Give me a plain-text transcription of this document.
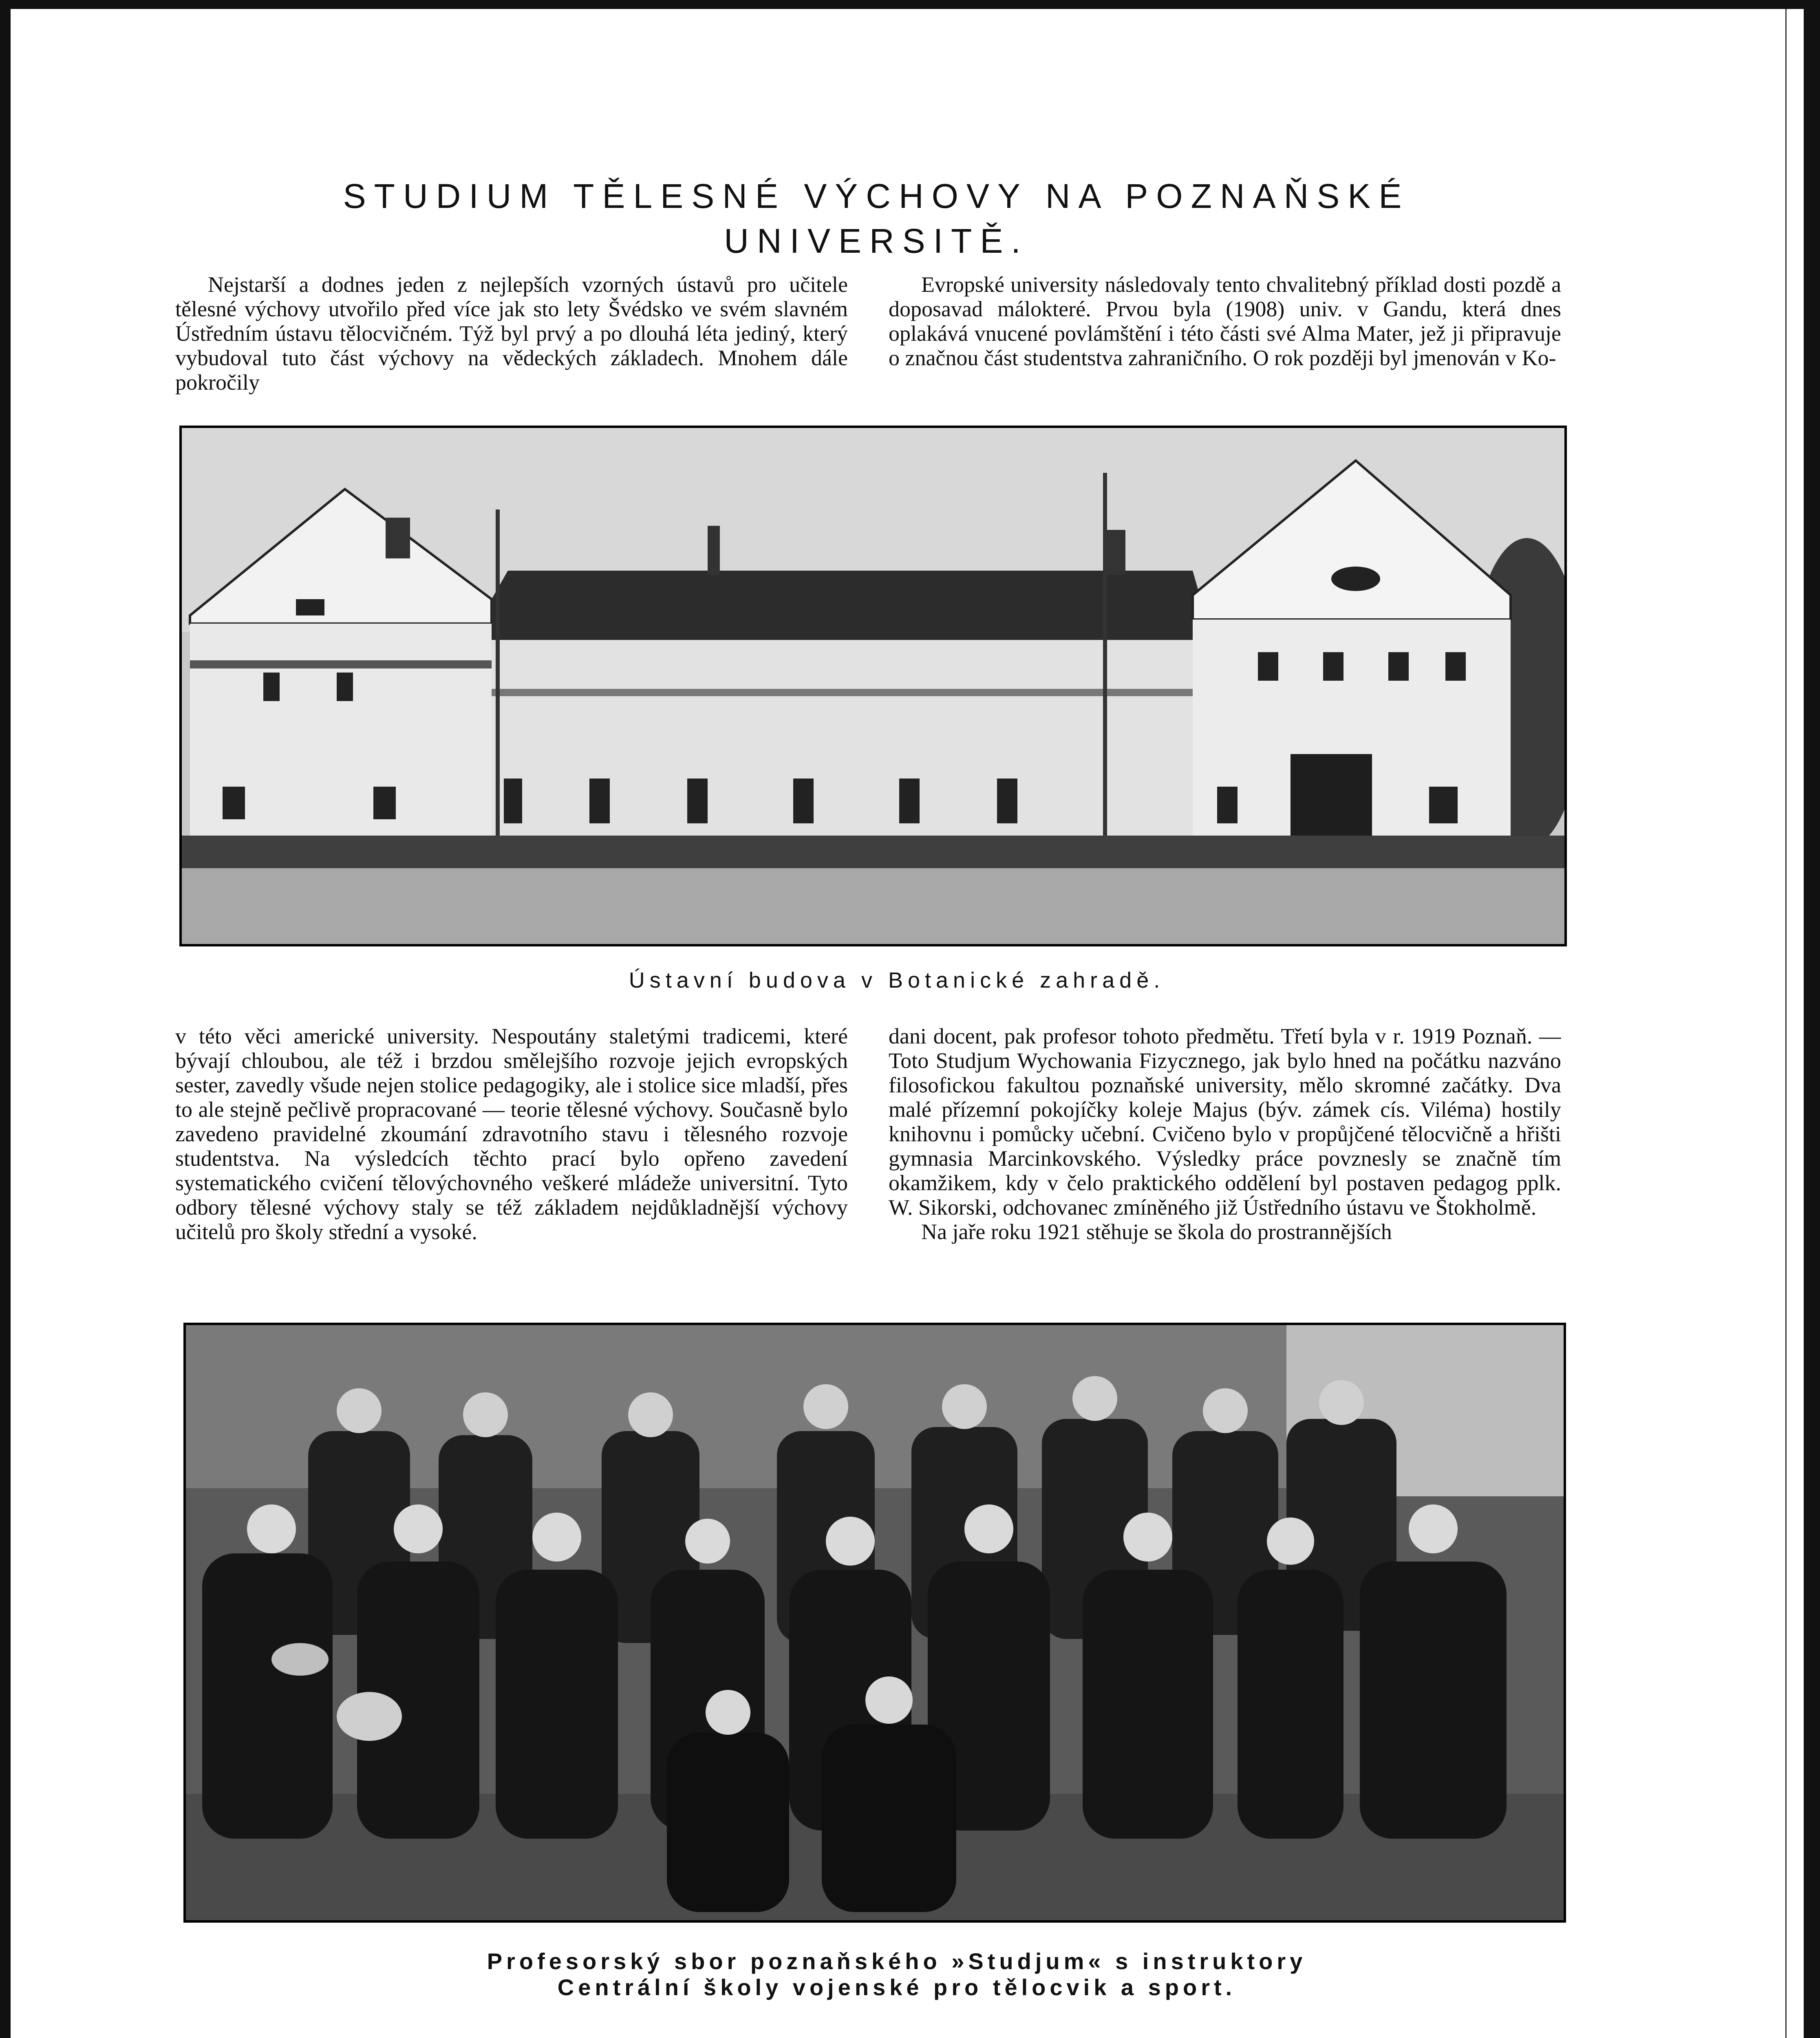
STUDIUM TĚLESNÉ VÝCHOVY NA POZNAŇSKÉ
UNIVERSITĚ.

Nejstarší a dodnes jeden z nejlepších vzorných ústavů pro učitele tělesné výchovy utvořilo před více jak sto lety Švédsko ve svém slavném Ústředním ústavu tělocvičném. Týž byl prvý a po dlouhá léta jediný, který vybudoval tuto část výchovy na vědeckých základech. Mnohem dále pokročily

Evropské university následovaly tento chvalitebný příklad dosti pozdě a doposavad málokteré. Prvou byla (1908) univ. v Gandu, která dnes oplakává vnucené povlámštění i této části své Alma Mater, jež ji připravuje o značnou část studentstva zahraničního. O rok později byl jmenován v Ko-

Ústavní budova v Botanické zahradě.

v této věci americké university. Nespoutány staletými tradicemi, které bývají chloubou, ale též i brzdou smělejšího rozvoje jejich evropských sester, zavedly všude nejen stolice pedagogiky, ale i stolice sice mladší, přes to ale stejně pečlivě propracované — teorie tělesné výchovy. Současně bylo zavedeno pravidelné zkoumání zdravotního stavu i tělesného rozvoje studentstva. Na výsledcích těchto prací bylo opřeno zavedení systematického cvičení tělovýchovného veškeré mládeže universitní. Tyto odbory tělesné výchovy staly se též základem nejdůkladnější výchovy učitelů pro školy střední a vysoké.

dani docent, pak profesor tohoto předmětu. Třetí byla v r. 1919 Poznaň. — Toto Studjum Wychowania Fizycznego, jak bylo hned na počátku nazváno filosofickou fakultou poznaňské university, mělo skromné začátky. Dva malé přízemní pokojíčky koleje Majus (býv. zámek cís. Viléma) hostily knihovnu i pomůcky učební. Cvičeno bylo v propůjčené tělocvičně a hřišti gymnasia Marcinkovského. Výsledky práce povznesly se značně tím okamžikem, kdy v čelo praktického oddělení byl postaven pedagog pplk. W. Sikorski, odchovanec zmíněného již Ústředního ústavu ve Štokholmě.

Na jaře roku 1921 stěhuje se škola do prostrannějších

Profesorský sbor poznaňského »Studjum« s instruktory
Centrální školy vojenské pro tělocvik a sport.
